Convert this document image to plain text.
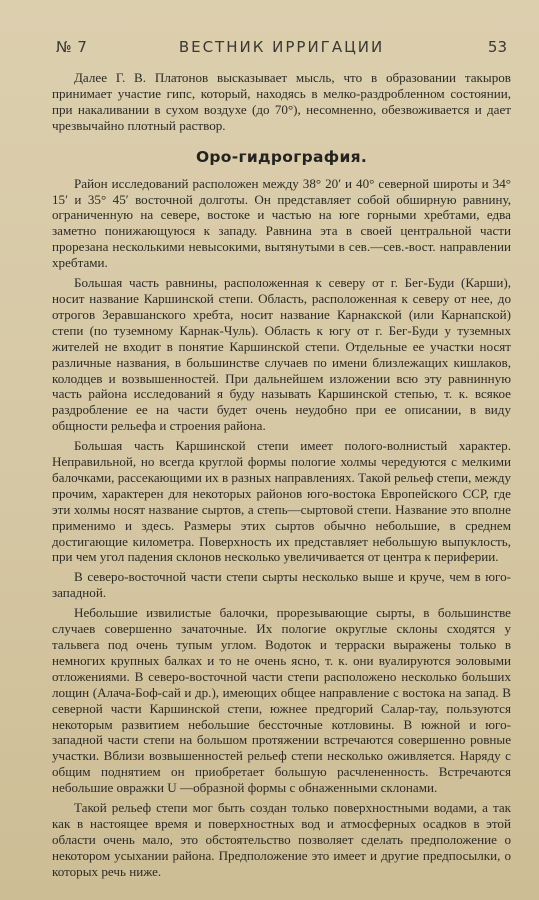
№ 7	ВЕСТНИК ИРРИГАЦИИ	53

Далее Г. В. Платонов высказывает мысль, что в образовании такыров принимает участие гипс, который, находясь в мелко-раздробленном состоянии, при накаливании в сухом воздухе (до 70°), несомненно, обезвоживается и дает чрезвычайно плотный раствор.

Оро-гидрография.

Район исследований расположен между 38° 20′ и 40° северной широты и 34° 15′ и 35° 45′ восточной долготы. Он представляет собой обширную равнину, ограниченную на севере, востоке и частью на юге горными хребтами, едва заметно понижающуюся к западу. Равнина эта в своей центральной части прорезана несколькими невысокими, вытянутыми в сев.—сев.-вост. направлении хребтами.

Большая часть равнины, расположенная к северу от г. Бег-Буди (Карши), носит название Каршинской степи. Область, расположенная к северу от нее, до отрогов Зеравшанского хребта, носит название Карнакской (или Карнапской) степи (по туземному Карнак-Чуль). Область к югу от г. Бег-Буди у туземных жителей не входит в понятие Каршинской степи. Отдельные ее участки носят различные названия, в большинстве случаев по имени близлежащих кишлаков, колодцев и возвышенностей. При дальнейшем изложении всю эту равнинную часть района исследований я буду называть Каршинской степью, т. к. всякое раздробление ее на части будет очень неудобно при ее описании, в виду общности рельефа и строения района.

Большая часть Каршинской степи имеет полого-волнистый характер. Неправильной, но всегда круглой формы пологие холмы чередуются с мелкими балочками, рассекающими их в разных направлениях. Такой рельеф степи, между прочим, характерен для некоторых районов юго-востока Европейского ССР, где эти холмы носят название сыртов, а степь—сыртовой степи. Название это вполне применимо и здесь. Размеры этих сыртов обычно небольшие, в среднем достигающие километра. Поверхность их представляет небольшую выпуклость, при чем угол падения склонов несколько увеличивается от центра к периферии.

В северо-восточной части степи сырты несколько выше и круче, чем в юго-западной.

Небольшие извилистые балочки, прорезывающие сырты, в большинстве случаев совершенно зачаточные. Их пологие округлые склоны сходятся у тальвега под очень тупым углом. Водоток и терраски выражены только в немногих крупных балках и то не очень ясно, т. к. они вуалируются эоловыми отложениями. В северо-восточной части степи расположено несколько больших лощин (Алача-Боф-сай и др.), имеющих общее направление с востока на запад. В северной части Каршинской степи, южнее предгорий Салар-тау, пользуются некоторым развитием небольшие бессточные котловины. В южной и юго-западной части степи на большом протяжении встречаются совершенно ровные участки. Вблизи возвышенностей рельеф степи несколько оживляется. Наряду с общим поднятием он приобретает большую расчлененность. Встречаются небольшие овражки U —образной формы с обнаженными склонами.

Такой рельеф степи мог быть создан только поверхностными водами, а так как в настоящее время и поверхностных вод и атмосферных осадков в этой области очень мало, это обстоятельство позволяет сделать предположение о некотором усыхании района. Предположение это имеет и другие предпосылки, о которых речь ниже.
